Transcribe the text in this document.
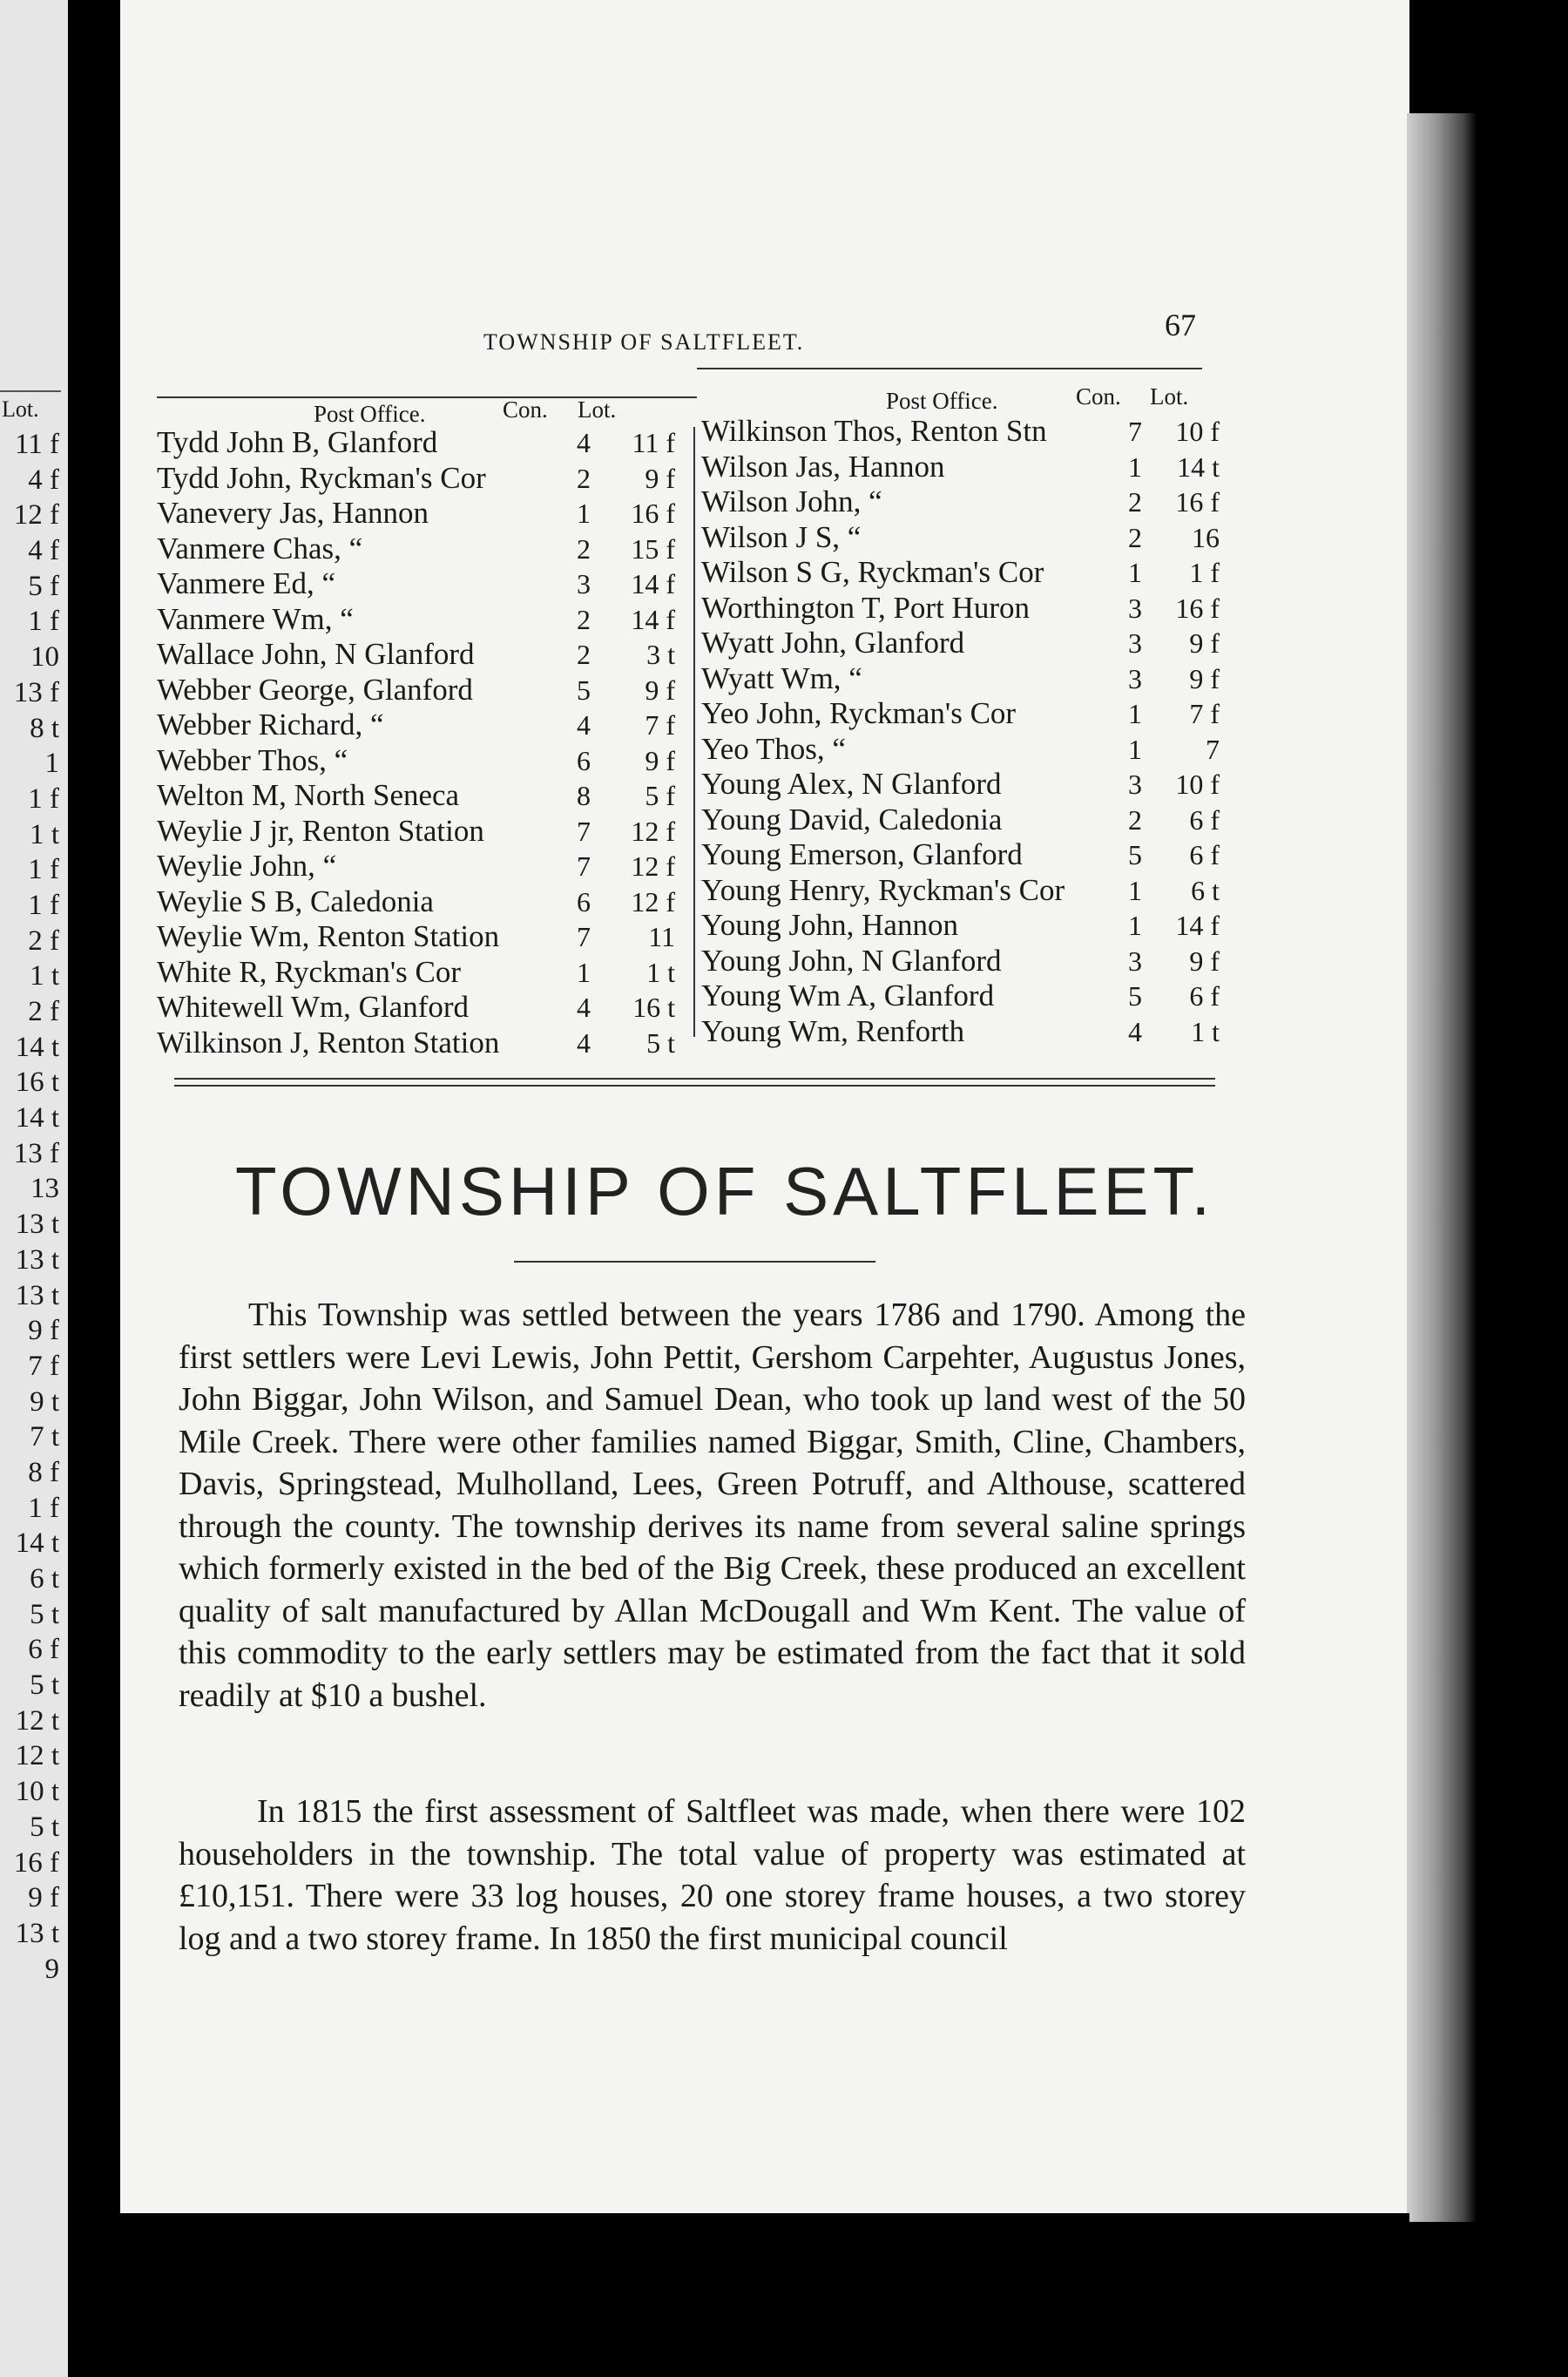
Lot.
11 f
4 f
12 f
4 f
5 f
1 f
10
13 f
8 t
1
1 f
1 t
1 f
1 f
2 f
1 t
2 f
14 t
16 t
14 t
13 f
13
13 t
13 t
13 t
9 f
7 f
9 t
7 t
8 f
1 f
14 t
6 t
5 t
6 f
5 t
12 t
12 t
10 t
5 t
16 f
9 f
13 t
9
TOWNSHIP OF SALTFLEET.	67
Post Office.	Con. Lot.	Post Office.	Con. Lot.
Tydd John B, Glanford	4	11 f
Tydd John, Ryckman's Cor	2	9 f
Vanevery Jas, Hannon	1	16 f
Vanmere Chas, “	2	15 f
Vanmere Ed, “	3	14 f
Vanmere Wm, “	2	14 f
Wallace John, N Glanford	2	3 t
Webber George, Glanford	5	9 f
Webber Richard, “	4	7 f
Webber Thos, “	6	9 f
Welton M, North Seneca	8	5 f
Weylie J jr, Renton Station	7	12 f
Weylie John, “	7	12 f
Weylie S B, Caledonia	6	12 f
Weylie Wm, Renton Station	7	11
White R, Ryckman's Cor	1	1 t
Whitewell Wm, Glanford	4	16 t
Wilkinson J, Renton Station	4	5 t
Wilkinson Thos, Renton Stn	7	10 f
Wilson Jas, Hannon	1	14 t
Wilson John, “	2	16 f
Wilson J S, “	2	16
Wilson S G, Ryckman's Cor	1	1 f
Worthington T, Port Huron	3	16 f
Wyatt John, Glanford	3	9 f
Wyatt Wm, “	3	9 f
Yeo John, Ryckman's Cor	1	7 f
Yeo Thos, “	1	7
Young Alex, N Glanford	3	10 f
Young David, Caledonia	2	6 f
Young Emerson, Glanford	5	6 f
Young Henry, Ryckman's Cor	1	6 t
Young John, Hannon	1	14 f
Young John, N Glanford	3	9 f
Young Wm A, Glanford	5	6 f
Young Wm, Renforth	4	1 t
TOWNSHIP OF SALTFLEET.
This Township was settled between the years 1786 and 1790. Among the first settlers were Levi Lewis, John Pettit, Gershom Carpehter, Augustus Jones, John Biggar, John Wilson, and Samuel Dean, who took up land west of the 50 Mile Creek. There were other families named Biggar, Smith, Cline, Chambers, Davis, Springstead, Mulholland, Lees, Green Potruff, and Althouse, scattered through the county. The township derives its name from several saline springs which formerly existed in the bed of the Big Creek, these produced an excellent quality of salt manufactured by Allan McDougall and Wm Kent. The value of this commodity to the early settlers may be estimated from the fact that it sold readily at $10 a bushel.
In 1815 the first assessment of Saltfleet was made, when there were 102 householders in the township. The total value of property was estimated at £10,151. There were 33 log houses, 20 one storey frame houses, a two storey log and a two storey frame. In 1850 the first municipal council
